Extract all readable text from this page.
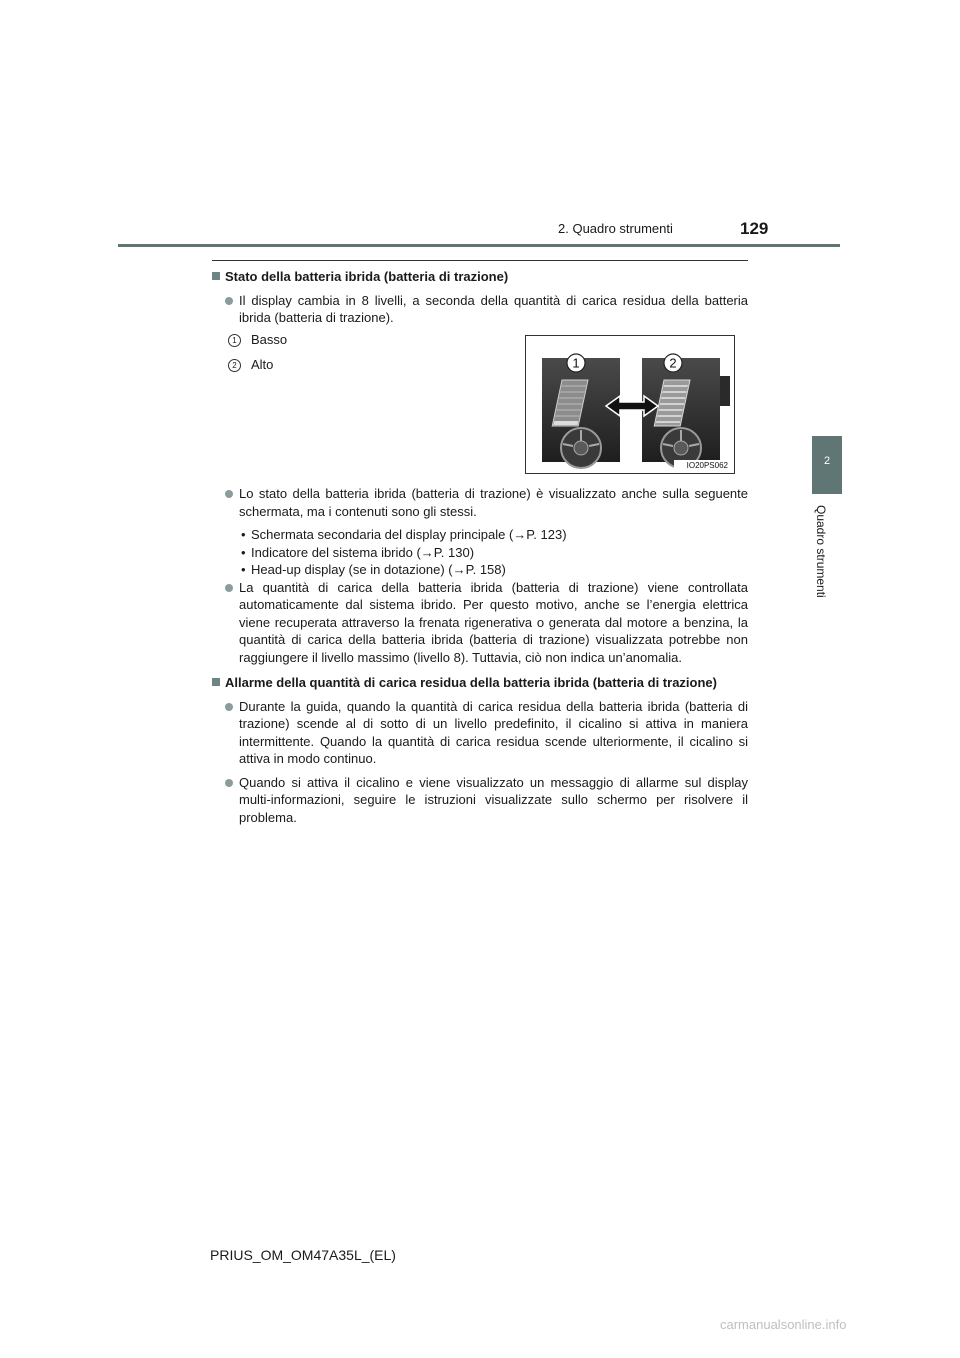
2. Quadro strumenti	129
2
Quadro strumenti
Stato della batteria ibrida (batteria di trazione)
Il display cambia in 8 livelli, a seconda della quantità di carica residua della batteria ibrida (batteria di trazione).
1 Basso
2 Alto	1	2
IO20PS062
Lo stato della batteria ibrida (batteria di trazione) è visualizzato anche sulla seguente schermata, ma i contenuti sono gli stessi.
• Schermata secondaria del display principale (→P. 123)
• Indicatore del sistema ibrido (→P. 130)
• Head-up display (se in dotazione) (→P. 158)
La quantità di carica della batteria ibrida (batteria di trazione) viene controllata automaticamente dal sistema ibrido. Per questo motivo, anche se l’energia elettrica viene recuperata attraverso la frenata rigenerativa o generata dal motore a benzina, la quantità di carica della batteria ibrida (batteria di trazione) visualizzata potrebbe non raggiungere il livello massimo (livello 8). Tuttavia, ciò non indica un’anomalia.
Allarme della quantità di carica residua della batteria ibrida (batteria di trazione)
Durante la guida, quando la quantità di carica residua della batteria ibrida (batteria di trazione) scende al di sotto di un livello predefinito, il cicalino si attiva in maniera intermittente. Quando la quantità di carica residua scende ulteriormente, il cicalino si attiva in modo continuo.
Quando si attiva il cicalino e viene visualizzato un messaggio di allarme sul display multi-informazioni, seguire le istruzioni visualizzate sullo schermo per risolvere il problema.
PRIUS_OM_OM47A35L_(EL)
carmanualsonline.info
